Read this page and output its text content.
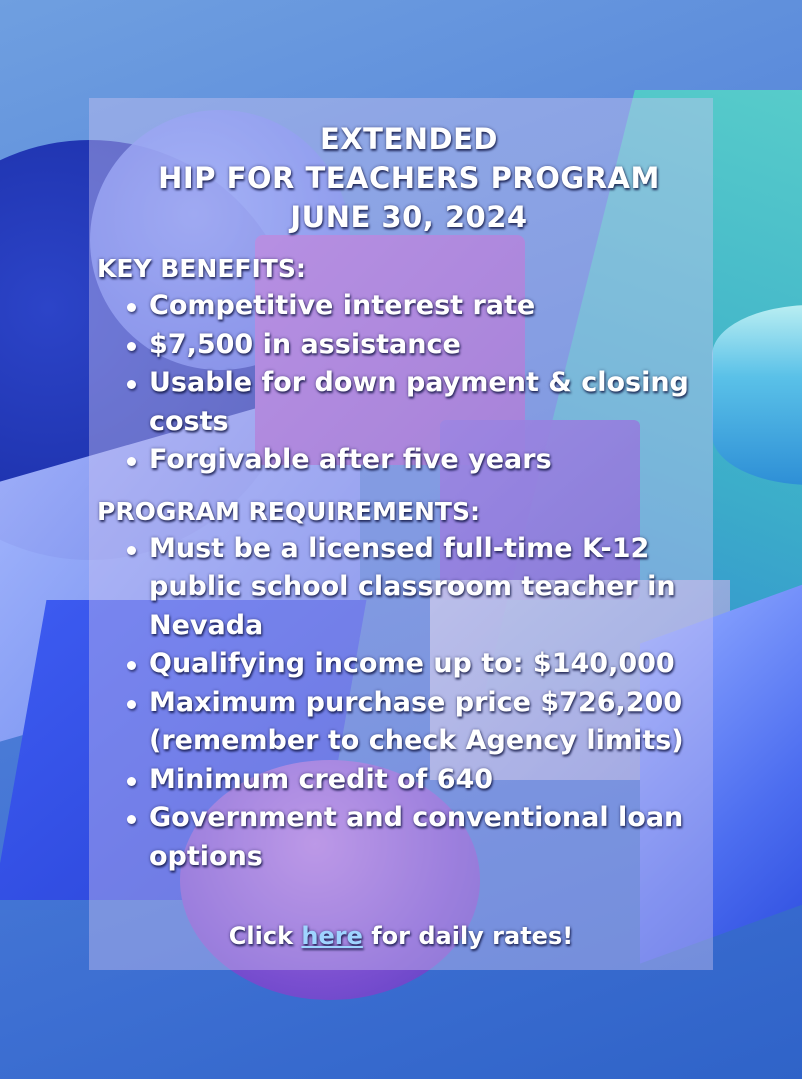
EXTENDED
HIP FOR TEACHERS PROGRAM
JUNE 30, 2024
KEY BENEFITS:
Competitive interest rate
$7,500 in assistance
Usable for down payment & closing costs
Forgivable after five years
PROGRAM REQUIREMENTS:
Must be a licensed full-time K-12 public school classroom teacher in Nevada
Qualifying income up to: $140,000
Maximum purchase price $726,200 (remember to check Agency limits)
Minimum credit of 640
Government and conventional loan options
Click here for daily rates!
